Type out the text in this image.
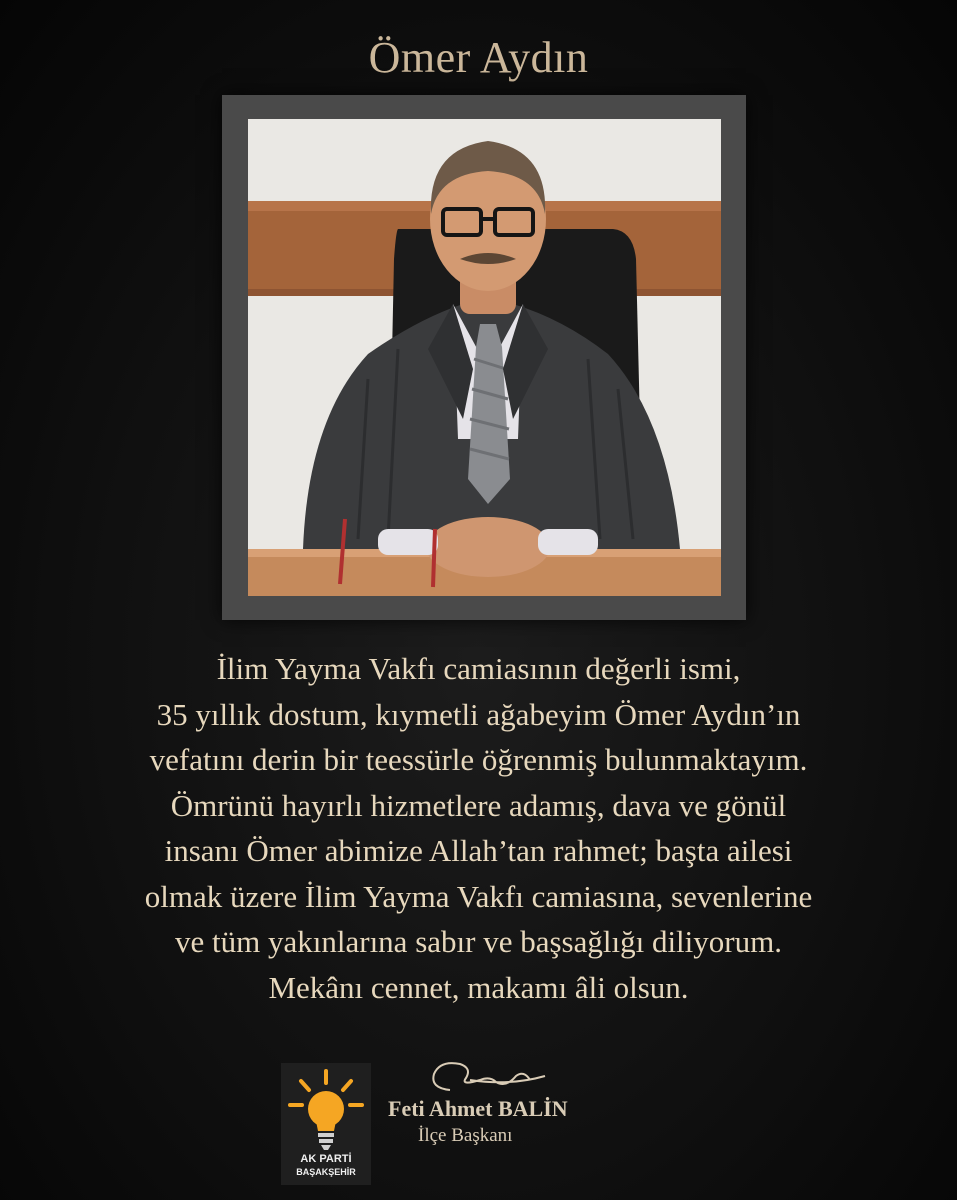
Ömer Aydın
İlim Yayma Vakfı camiasının değerli ismi,
35 yıllık dostum, kıymetli ağabeyim Ömer Aydın’ın
vefatını derin bir teessürle öğrenmiş bulunmaktayım.
Ömrünü hayırlı hizmetlere adamış, dava ve gönül
insanı Ömer abimize Allah’tan rahmet; başta ailesi
olmak üzere İlim Yayma Vakfı camiasına, sevenlerine
ve tüm yakınlarına sabır ve başsağlığı diliyorum.
Mekânı cennet, makamı âli olsun.
AK PARTİ
BAŞAKŞEHİR
Feti Ahmet BALİN
İlçe Başkanı
